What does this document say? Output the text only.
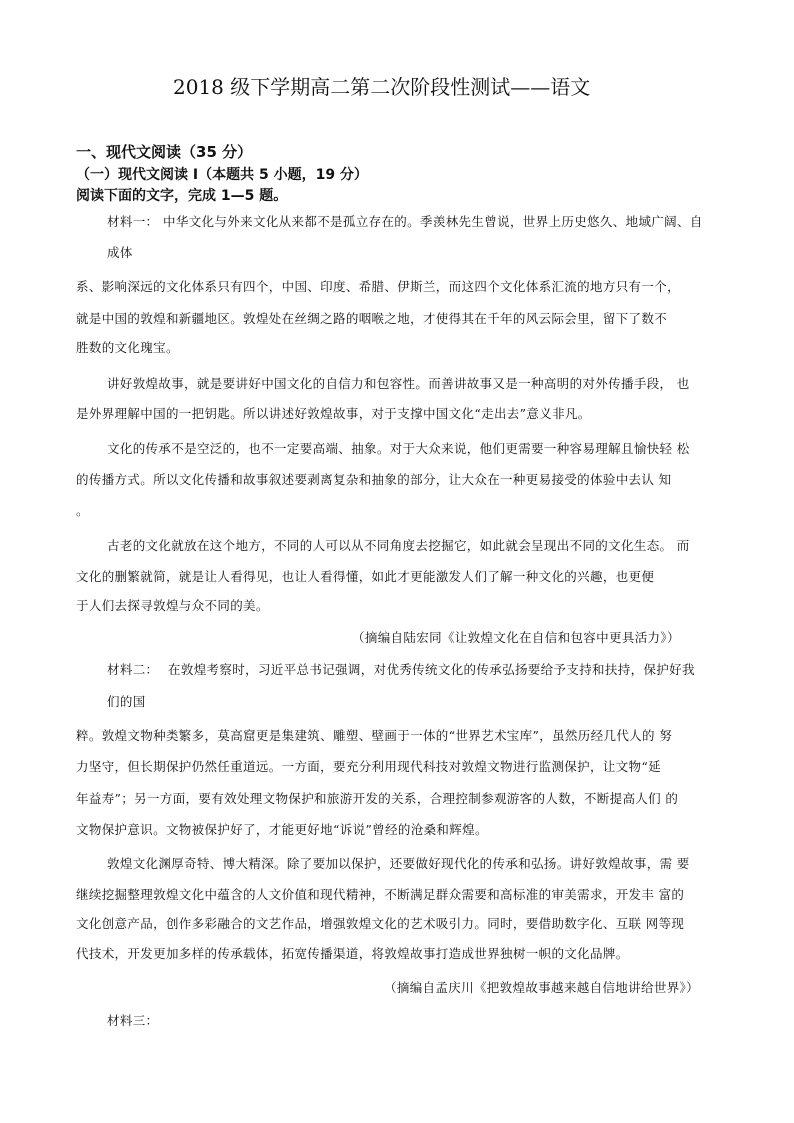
2018 级下学期高二第二次阶段性测试——语文
一、现代文阅读（35 分）
（一）现代文阅读 I（本题共 5 小题，19 分）
阅读下面的文字，完成 1—5 题。
材料一： 中华文化与外来文化从来都不是孤立存在的。季羡林先生曾说，世界上历史悠久、地域广阔、自
成体
系、影响深远的文化体系只有四个，中国、印度、希腊、伊斯兰，而这四个文化体系汇流的地方只有一个，
就是中国的敦煌和新疆地区。敦煌处在丝绸之路的咽喉之地，才使得其在千年的风云际会里，留下了数不
胜数的文化瑰宝。
讲好敦煌故事，就是要讲好中国文化的自信力和包容性。而善讲故事又是一种高明的对外传播手段， 也
是外界理解中国的一把钥匙。所以讲述好敦煌故事，对于支撑中国文化“走出去”意义非凡。
文化的传承不是空泛的，也不一定要高端、抽象。对于大众来说，他们更需要一种容易理解且愉快轻 松
的传播方式。所以文化传播和故事叙述要剥离复杂和抽象的部分，让大众在一种更易接受的体验中去认 知
。
古老的文化就放在这个地方，不同的人可以从不同角度去挖掘它，如此就会呈现出不同的文化生态。 而
文化的删繁就简，就是让人看得见，也让人看得懂，如此才更能激发人们了解一种文化的兴趣，也更便
于人们去探寻敦煌与众不同的美。
（摘编自陆宏同《让敦煌文化在自信和包容中更具活力》）
材料二： 在敦煌考察时，习近平总书记强调，对优秀传统文化的传承弘扬要给予支持和扶持，保护好我
们的国
粹。敦煌文物种类繁多，莫高窟更是集建筑、雕塑、壁画于一体的“世界艺术宝库”，虽然历经几代人的 努
力坚守，但长期保护仍然任重道远。一方面，要充分利用现代科技对敦煌文物进行监测保护，让文物“延
年益寿”；另一方面，要有效处理文物保护和旅游开发的关系，合理控制参观游客的人数，不断提高人们 的
文物保护意识。文物被保护好了，才能更好地“诉说”曾经的沧桑和辉煌。
敦煌文化渊厚奇特、博大精深。除了要加以保护，还要做好现代化的传承和弘扬。讲好敦煌故事，需 要
继续挖掘整理敦煌文化中蕴含的人文价值和现代精神，不断满足群众需要和高标准的审美需求，开发丰 富的
文化创意产品，创作多彩融合的文艺作品，增强敦煌文化的艺术吸引力。同时，要借助数字化、互联 网等现
代技术，开发更加多样的传承载体，拓宽传播渠道，将敦煌故事打造成世界独树一帜的文化品牌。
（摘编自孟庆川《把敦煌故事越来越自信地讲给世界》）
材料三：
